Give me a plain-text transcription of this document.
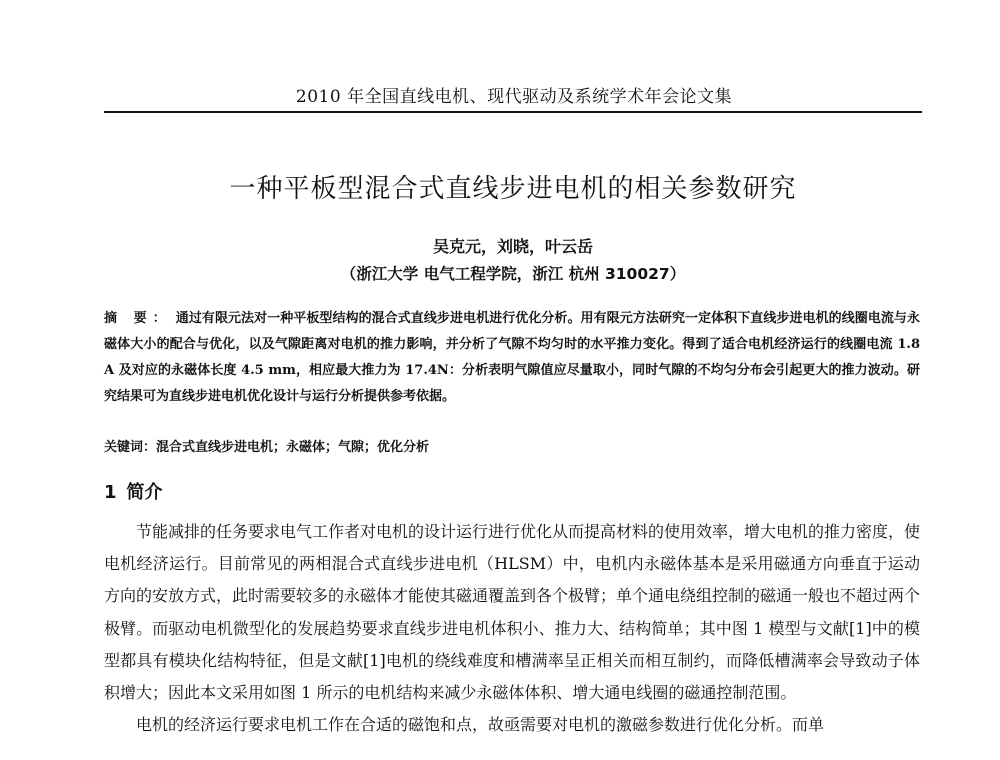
2010 年全国直线电机、现代驱动及系统学术年会论文集
一种平板型混合式直线步进电机的相关参数研究
吴克元，刘晓，叶云岳
（浙江大学 电气工程学院，浙江 杭州 310027）
摘 要： 通过有限元法对一种平板型结构的混合式直线步进电机进行优化分析。用有限元方法研究一定体积下直线步进电机的线圈电流与永磁体大小的配合与优化，以及气隙距离对电机的推力影响，并分析了气隙不均匀时的水平推力变化。得到了适合电机经济运行的线圈电流 1.8 A 及对应的永磁体长度 4.5 mm，相应最大推力为 17.4N：分析表明气隙值应尽量取小，同时气隙的不均匀分布会引起更大的推力波动。研究结果可为直线步进电机优化设计与运行分析提供参考依据。
关键词：混合式直线步进电机；永磁体；气隙；优化分析
1 简介

节能减排的任务要求电气工作者对电机的设计运行进行优化从而提高材料的使用效率，增大电机的推力密度，使电机经济运行。目前常见的两相混合式直线步进电机（HLSM）中，电机内永磁体基本是采用磁通方向垂直于运动方向的安放方式，此时需要较多的永磁体才能使其磁通覆盖到各个极臂；单个通电绕组控制的磁通一般也不超过两个极臂。而驱动电机微型化的发展趋势要求直线步进电机体积小、推力大、结构简单；其中图 1 模型与文献[1]中的模型都具有模块化结构特征，但是文献[1]电机的绕线难度和槽满率呈正相关而相互制约，而降低槽满率会导致动子体积增大；因此本文采用如图 1 所示的电机结构来减少永磁体体积、增大通电线圈的磁通控制范围。

电机的经济运行要求电机工作在合适的磁饱和点，故亟需要对电机的激磁参数进行优化分析。而单
